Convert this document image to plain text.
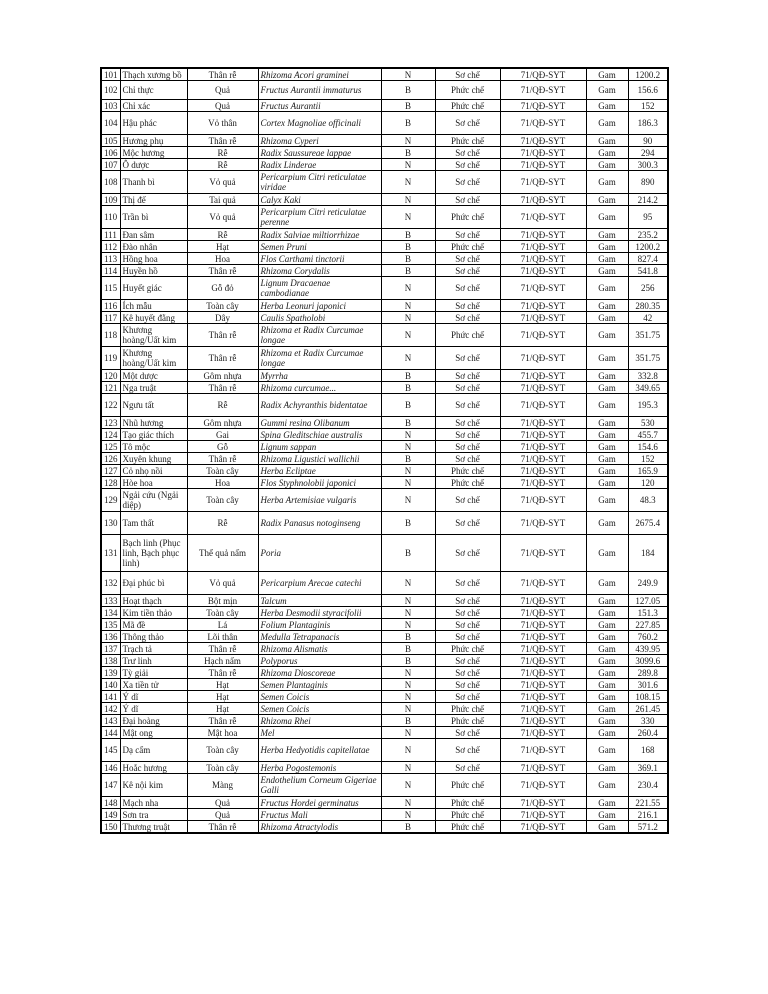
101	Thạch xương bồ	Thân rễ	Rhizoma Acori graminei	N	Sơ chế	71/QĐ-SYT	Gam	1200.2
102	Chỉ thực	Quả	Fructus Aurantii immaturus	B	Phức chế	71/QĐ-SYT	Gam	156.6
103	Chỉ xác	Quả	Fructus Aurantii	B	Phức chế	71/QĐ-SYT	Gam	152
104	Hậu phác	Vỏ thân	Cortex Magnoliae officinali	B	Sơ chế	71/QĐ-SYT	Gam	186.3
105	Hương phụ	Thân rễ	Rhizoma Cyperi	N	Phức chế	71/QĐ-SYT	Gam	90
106	Mộc hương	Rễ	Radix Saussureae lappae	B	Sơ chế	71/QĐ-SYT	Gam	294
107	Ô dược	Rễ	Radix Linderae	N	Sơ chế	71/QĐ-SYT	Gam	300.3
108	Thanh bì	Vỏ quả	Pericarpium Citri reticulatae viridae	N	Sơ chế	71/QĐ-SYT	Gam	890
109	Thị đế	Tai quả	Calyx Kaki	N	Sơ chế	71/QĐ-SYT	Gam	214.2
110	Trần bì	Vỏ quả	Pericarpium Citri reticulatae perenne	N	Phức chế	71/QĐ-SYT	Gam	95
111	Đan sâm	Rễ	Radix Salviae miltiorrhizae	B	Sơ chế	71/QĐ-SYT	Gam	235.2
112	Đào nhân	Hạt	Semen Pruni	B	Phức chế	71/QĐ-SYT	Gam	1200.2
113	Hồng hoa	Hoa	Flos Carthami tinctorii	B	Sơ chế	71/QĐ-SYT	Gam	827.4
114	Huyền hồ	Thân rễ	Rhizoma Corydalis	B	Sơ chế	71/QĐ-SYT	Gam	541.8
115	Huyết giác	Gỗ đỏ	Lignum Dracaenae cambodianae	N	Sơ chế	71/QĐ-SYT	Gam	256
116	Ích mẫu	Toàn cây	Herba Leonuri japonici	N	Sơ chế	71/QĐ-SYT	Gam	280.35
117	Kê huyết đằng	Dây	Caulis Spatholobi	N	Sơ chế	71/QĐ-SYT	Gam	42
118	Khương hoàng/Uất kim	Thân rễ	Rhizoma et Radix Curcumae longae	N	Phức chế	71/QĐ-SYT	Gam	351.75
119	Khương hoàng/Uất kim	Thân rễ	Rhizoma et Radix Curcumae longae	N	Sơ chế	71/QĐ-SYT	Gam	351.75
120	Một dược	Gôm nhựa	Myrrha	B	Sơ chế	71/QĐ-SYT	Gam	332.8
121	Nga truật	Thân rễ	Rhizoma curcumae...	B	Sơ chế	71/QĐ-SYT	Gam	349.65
122	Ngưu tất	Rễ	Radix Achyranthis bidentatae	B	Sơ chế	71/QĐ-SYT	Gam	195.3
123	Nhũ hương	Gôm nhựa	Gummi resina Olibanum	B	Sơ chế	71/QĐ-SYT	Gam	530
124	Tạo giác thích	Gai	Spina Gleditschiae australis	N	Sơ chế	71/QĐ-SYT	Gam	455.7
125	Tô mộc	Gỗ	Lignum sappan	N	Sơ chế	71/QĐ-SYT	Gam	154.6
126	Xuyên khung	Thân rễ	Rhizoma Ligustici wallichii	B	Sơ chế	71/QĐ-SYT	Gam	152
127	Cỏ nhọ nồi	Toàn cây	Herba Ecliptae	N	Phức chế	71/QĐ-SYT	Gam	165.9
128	Hòe hoa	Hoa	Flos Styphnolobii japonici	N	Phức chế	71/QĐ-SYT	Gam	120
129	Ngải cứu (Ngải diệp)	Toàn cây	Herba Artemisiae vulgaris	N	Sơ chế	71/QĐ-SYT	Gam	48.3
130	Tam thất	Rễ	Radix Panasus notoginseng	B	Sơ chế	71/QĐ-SYT	Gam	2675.4
131	Bạch linh (Phục linh, Bạch phục linh)	Thể quả nấm	Poria	B	Sơ chế	71/QĐ-SYT	Gam	184
132	Đại phúc bì	Vỏ quả	Pericarpium Arecae catechi	N	Sơ chế	71/QĐ-SYT	Gam	249.9
133	Hoạt thạch	Bột mịn	Talcum	N	Sơ chế	71/QĐ-SYT	Gam	127.05
134	Kim tiền thảo	Toàn cây	Herba Desmodii styracifolii	N	Sơ chế	71/QĐ-SYT	Gam	151.3
135	Mã đề	Lá	Folium Plantaginis	N	Sơ chế	71/QĐ-SYT	Gam	227.85
136	Thông thảo	Lõi thân	Medulla Tetrapanacis	B	Sơ chế	71/QĐ-SYT	Gam	760.2
137	Trạch tả	Thân rễ	Rhizoma Alismatis	B	Phức chế	71/QĐ-SYT	Gam	439.95
138	Trư linh	Hạch nấm	Polyporus	B	Sơ chế	71/QĐ-SYT	Gam	3099.6
139	Tỳ giải	Thân rễ	Rhizoma Dioscoreae	N	Sơ chế	71/QĐ-SYT	Gam	289.8
140	Xa tiền tử	Hạt	Semen Plantaginis	N	Sơ chế	71/QĐ-SYT	Gam	301.6
141	Ý dĩ	Hạt	Semen Coicis	N	Sơ chế	71/QĐ-SYT	Gam	108.15
142	Ý dĩ	Hạt	Semen Coicis	N	Phức chế	71/QĐ-SYT	Gam	261.45
143	Đại hoàng	Thân rễ	Rhizoma Rhei	B	Phức chế	71/QĐ-SYT	Gam	330
144	Mật ong	Mật hoa	Mel	N	Sơ chế	71/QĐ-SYT	Gam	260.4
145	Dạ cẩm	Toàn cây	Herba Hedyotidis capitellatae	N	Sơ chế	71/QĐ-SYT	Gam	168
146	Hoắc hương	Toàn cây	Herba Pogostemonis	N	Sơ chế	71/QĐ-SYT	Gam	369.1
147	Kê nội kim	Màng	Endothelium Corneum Gigeriae Galli	N	Phức chế	71/QĐ-SYT	Gam	230.4
148	Mạch nha	Quả	Fructus Hordei germinatus	N	Phức chế	71/QĐ-SYT	Gam	221.55
149	Sơn tra	Quả	Fructus Mali	N	Phức chế	71/QĐ-SYT	Gam	216.1
150	Thương truật	Thân rễ	Rhizoma Atractylodis	B	Phức chế	71/QĐ-SYT	Gam	571.2
